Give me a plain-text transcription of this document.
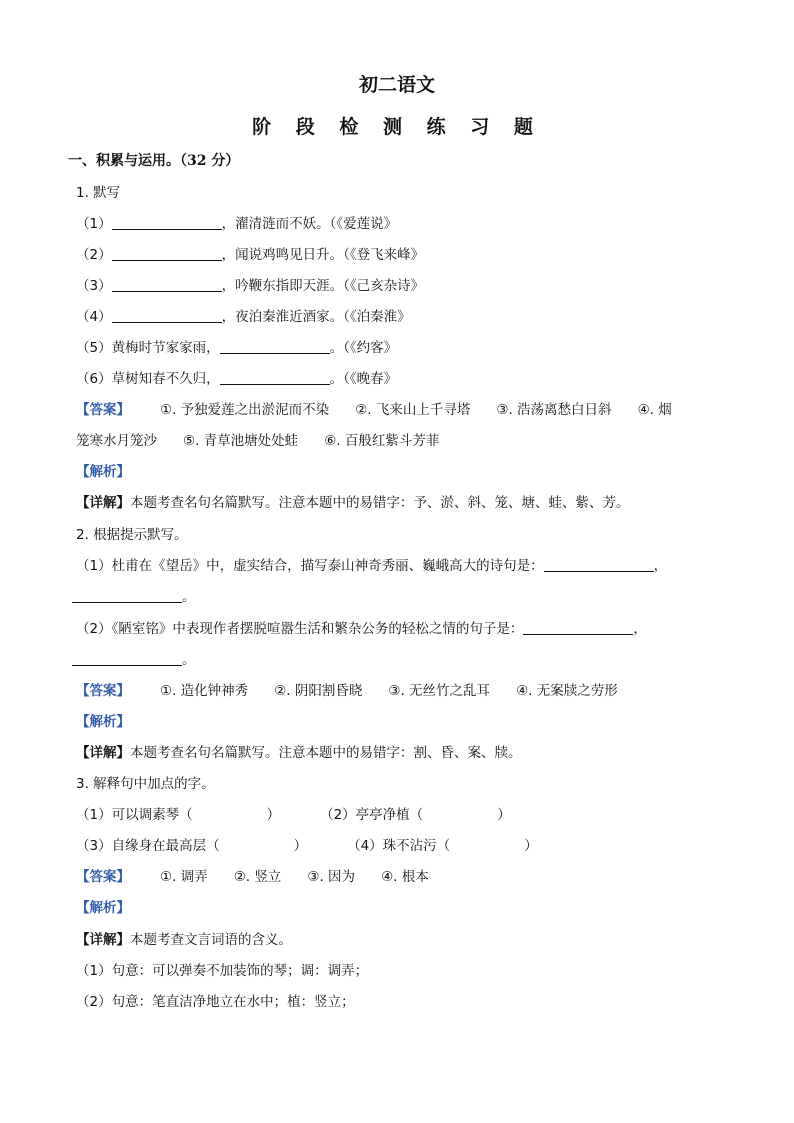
初二语文
阶 段 检 测 练 习 题
一、积累与运用。（32 分）
1. 默写
（1）	，濯清涟而不妖。（《爱莲说》
（2）	，闻说鸡鸣见日升。（《登飞来峰》
（3）	，吟鞭东指即天涯。（《己亥杂诗》
（4）	，夜泊秦淮近酒家。（《泊秦淮》
（5）黄梅时节家家雨，	。（《约客》
（6）草树知春不久归，	。（《晚春》
【答案】 ①. 予独爱莲之出淤泥而不染 ②. 飞来山上千寻塔 ③. 浩荡离愁白日斜 ④. 烟
笼寒水月笼沙 ⑤. 青草池塘处处蛙 ⑥. 百般红紫斗芳菲
【解析】
【详解】本题考查名句名篇默写。注意本题中的易错字：予、淤、斜、笼、塘、蛙、紫、芳。
2. 根据提示默写。
（1）杜甫在《望岳》中，虚实结合，描写泰山神奇秀丽、巍峨高大的诗句是：	，
。
（2）《陋室铭》中表现作者摆脱喧嚣生活和繁杂公务的轻松之情的句子是：	，
。
【答案】 ①. 造化钟神秀 ②. 阴阳割昏晓 ③. 无丝竹之乱耳 ④. 无案牍之劳形
【解析】
【详解】本题考查名句名篇默写。注意本题中的易错字：割、昏、案、牍。
3. 解释句中加点的字。
（1）可以调素琴（	）	（2）亭亭净植（	）
（3）自缘身在最高层（	）	（4）珠不沾污（	）
【答案】 ①. 调弄 ②. 竖立 ③. 因为 ④. 根本
【解析】
【详解】本题考查文言词语的含义。
（1）句意：可以弹奏不加装饰的琴；调：调弄；
（2）句意：笔直洁净地立在水中；植：竖立；
